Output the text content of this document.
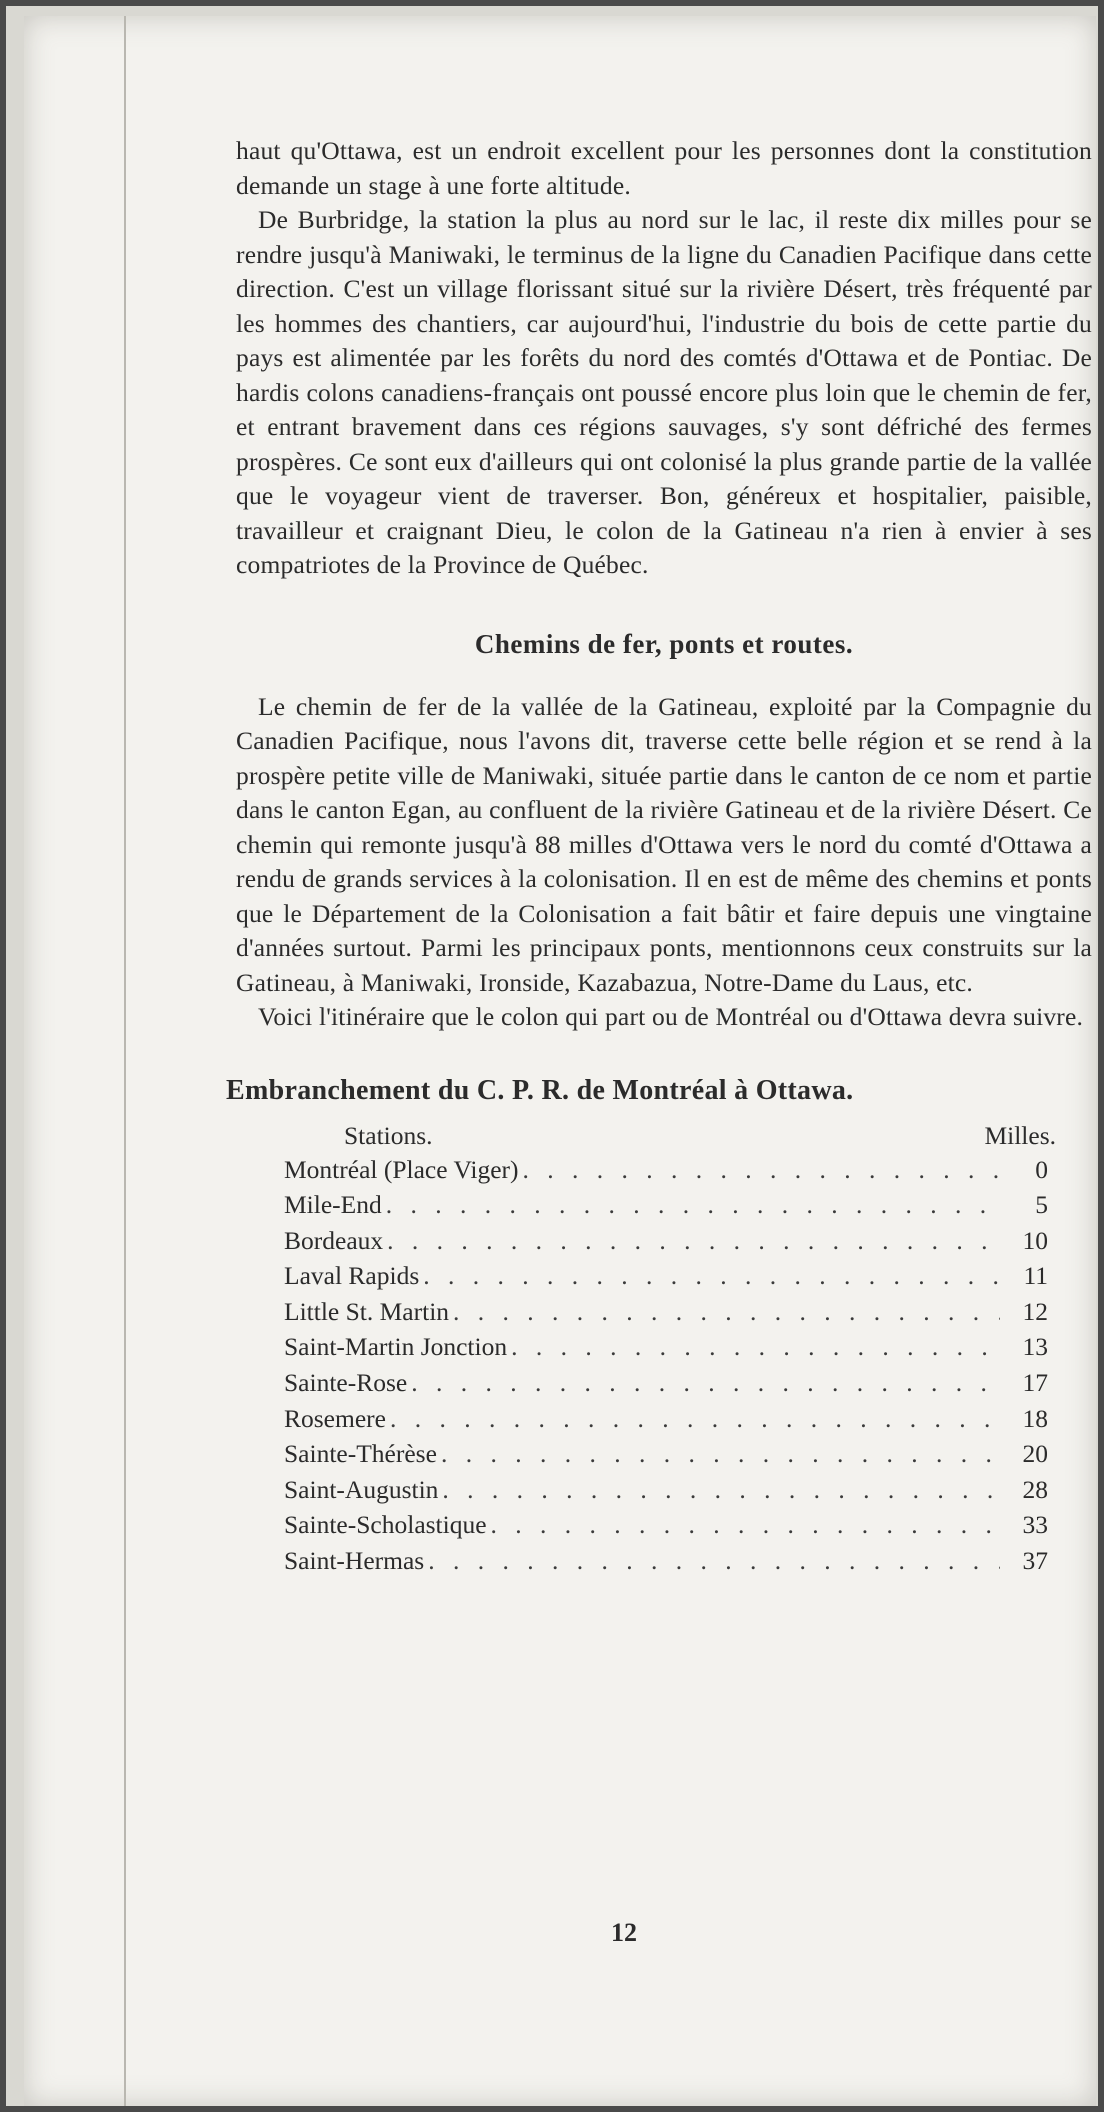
haut qu'Ottawa, est un endroit excellent pour les personnes dont la constitution demande un stage à une forte altitude.

De Burbridge, la station la plus au nord sur le lac, il reste dix milles pour se rendre jusqu'à Maniwaki, le terminus de la ligne du Canadien Pacifique dans cette direction. C'est un village florissant situé sur la rivière Désert, très fréquenté par les hommes des chantiers, car aujourd'hui, l'industrie du bois de cette partie du pays est alimentée par les forêts du nord des comtés d'Ottawa et de Pontiac. De hardis colons canadiens-français ont poussé encore plus loin que le chemin de fer, et entrant bravement dans ces régions sauvages, s'y sont défriché des fermes prospères. Ce sont eux d'ailleurs qui ont colonisé la plus grande partie de la vallée que le voyageur vient de traverser. Bon, généreux et hospitalier, paisible, travailleur et craignant Dieu, le colon de la Gatineau n'a rien à envier à ses compatriotes de la Province de Québec.

Chemins de fer, ponts et routes.

Le chemin de fer de la vallée de la Gatineau, exploité par la Compagnie du Canadien Pacifique, nous l'avons dit, traverse cette belle région et se rend à la prospère petite ville de Maniwaki, située partie dans le canton de ce nom et partie dans le canton Egan, au confluent de la rivière Gatineau et de la rivière Désert. Ce chemin qui remonte jusqu'à 88 milles d'Ottawa vers le nord du comté d'Ottawa a rendu de grands services à la colonisation. Il en est de même des chemins et ponts que le Département de la Colonisation a fait bâtir et faire depuis une vingtaine d'années surtout. Parmi les principaux ponts, mentionnons ceux construits sur la Gatineau, à Maniwaki, Ironside, Kazabazua, Notre-Dame du Laus, etc.

Voici l'itinéraire que le colon qui part ou de Montréal ou d'Ottawa devra suivre.

Embranchement du C. P. R. de Montréal à Ottawa.
Stations.	Milles.
Montréal (Place Viger) . . .	0
Mile-End . . .	5
Bordeaux . . .	10
Laval Rapids . . .	11
Little St. Martin . . .	12
Saint-Martin Jonction . . .	13
Sainte-Rose . . .	17
Rosemere . . .	18
Sainte-Thérèse . . .	20
Saint-Augustin . . .	28
Sainte-Scholastique . . .	33
Saint-Hermas . . .	37
12
